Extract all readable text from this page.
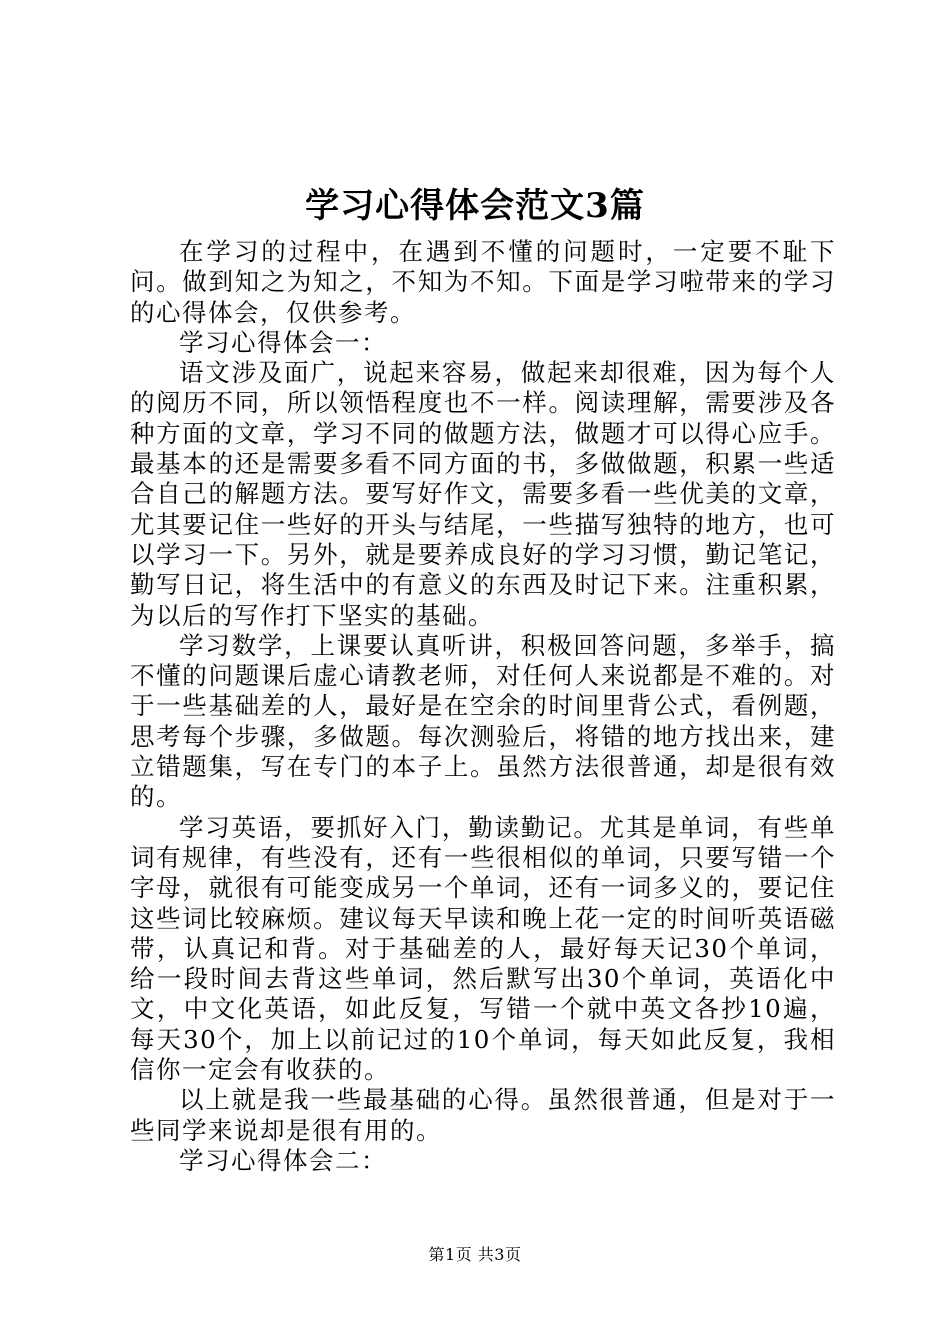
学习心得体会范文3篇

在学习的过程中，在遇到不懂的问题时，一定要不耻下问。做到知之为知之，不知为不知。下面是学习啦带来的学习的心得体会，仅供参考。

学习心得体会一：

语文涉及面广，说起来容易，做起来却很难，因为每个人的阅历不同，所以领悟程度也不一样。阅读理解，需要涉及各种方面的文章，学习不同的做题方法，做题才可以得心应手。最基本的还是需要多看不同方面的书，多做做题，积累一些适合自己的解题方法。要写好作文，需要多看一些优美的文章，尤其要记住一些好的开头与结尾，一些描写独特的地方，也可以学习一下。另外，就是要养成良好的学习习惯，勤记笔记，勤写日记，将生活中的有意义的东西及时记下来。注重积累，为以后的写作打下坚实的基础。

学习数学，上课要认真听讲，积极回答问题，多举手，搞不懂的问题课后虚心请教老师，对任何人来说都是不难的。对于一些基础差的人，最好是在空余的时间里背公式，看例题，思考每个步骤，多做题。每次测验后，将错的地方找出来，建立错题集，写在专门的本子上。虽然方法很普通，却是很有效的。

学习英语，要抓好入门，勤读勤记。尤其是单词，有些单词有规律，有些没有，还有一些很相似的单词，只要写错一个字母，就很有可能变成另一个单词，还有一词多义的，要记住这些词比较麻烦。建议每天早读和晚上花一定的时间听英语磁带，认真记和背。对于基础差的人，最好每天记30个单词，给一段时间去背这些单词，然后默写出30个单词，英语化中文，中文化英语，如此反复，写错一个就中英文各抄10遍，每天30个，加上以前记过的10个单词，每天如此反复，我相信你一定会有收获的。

以上就是我一些最基础的心得。虽然很普通，但是对于一些同学来说却是很有用的。

学习心得体会二：

第1页 共3页
